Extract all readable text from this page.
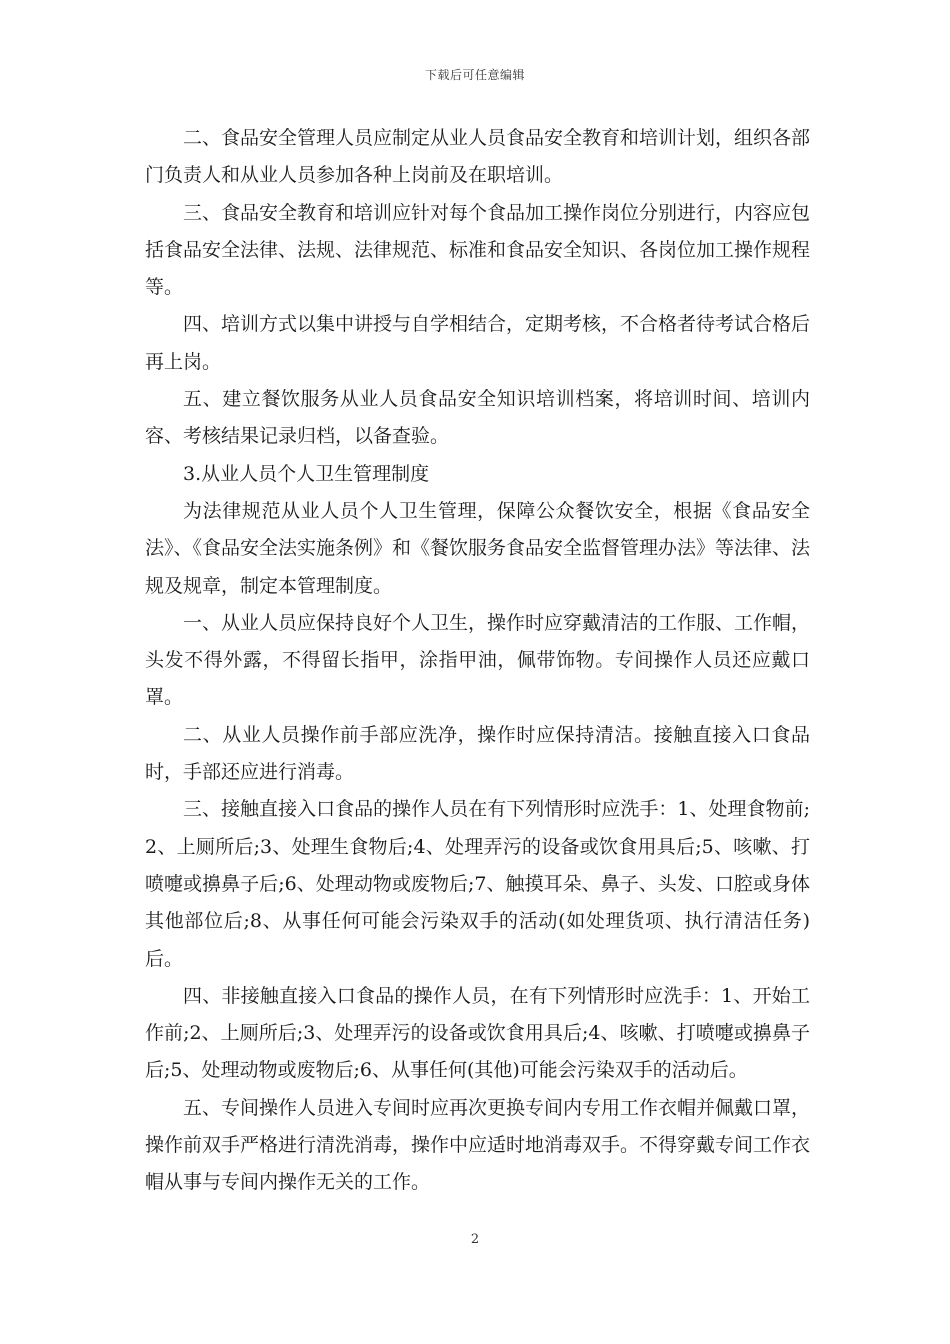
下载后可任意编辑

二、食品安全管理人员应制定从业人员食品安全教育和培训计划，组织各部门负责人和从业人员参加各种上岗前及在职培训。

三、食品安全教育和培训应针对每个食品加工操作岗位分别进行，内容应包括食品安全法律、法规、法律规范、标准和食品安全知识、各岗位加工操作规程等。

四、培训方式以集中讲授与自学相结合，定期考核，不合格者待考试合格后再上岗。

五、建立餐饮服务从业人员食品安全知识培训档案，将培训时间、培训内容、考核结果记录归档，以备查验。

3.从业人员个人卫生管理制度

为法律规范从业人员个人卫生管理，保障公众餐饮安全，根据《食品安全法》、《食品安全法实施条例》和《餐饮服务食品安全监督管理办法》等法律、法规及规章，制定本管理制度。

一、从业人员应保持良好个人卫生，操作时应穿戴清洁的工作服、工作帽，头发不得外露，不得留长指甲，涂指甲油，佩带饰物。专间操作人员还应戴口罩。

二、从业人员操作前手部应洗净，操作时应保持清洁。接触直接入口食品时，手部还应进行消毒。

三、接触直接入口食品的操作人员在有下列情形时应洗手：1、处理食物前;2、上厕所后;3、处理生食物后;4、处理弄污的设备或饮食用具后;5、咳嗽、打喷嚏或擤鼻子后;6、处理动物或废物后;7、触摸耳朵、鼻子、头发、口腔或身体其他部位后;8、从事任何可能会污染双手的活动(如处理货项、执行清洁任务)后。

四、非接触直接入口食品的操作人员，在有下列情形时应洗手：1、开始工作前;2、上厕所后;3、处理弄污的设备或饮食用具后;4、咳嗽、打喷嚏或擤鼻子后;5、处理动物或废物后;6、从事任何(其他)可能会污染双手的活动后。

五、专间操作人员进入专间时应再次更换专间内专用工作衣帽并佩戴口罩，操作前双手严格进行清洗消毒，操作中应适时地消毒双手。不得穿戴专间工作衣帽从事与专间内操作无关的工作。

2
